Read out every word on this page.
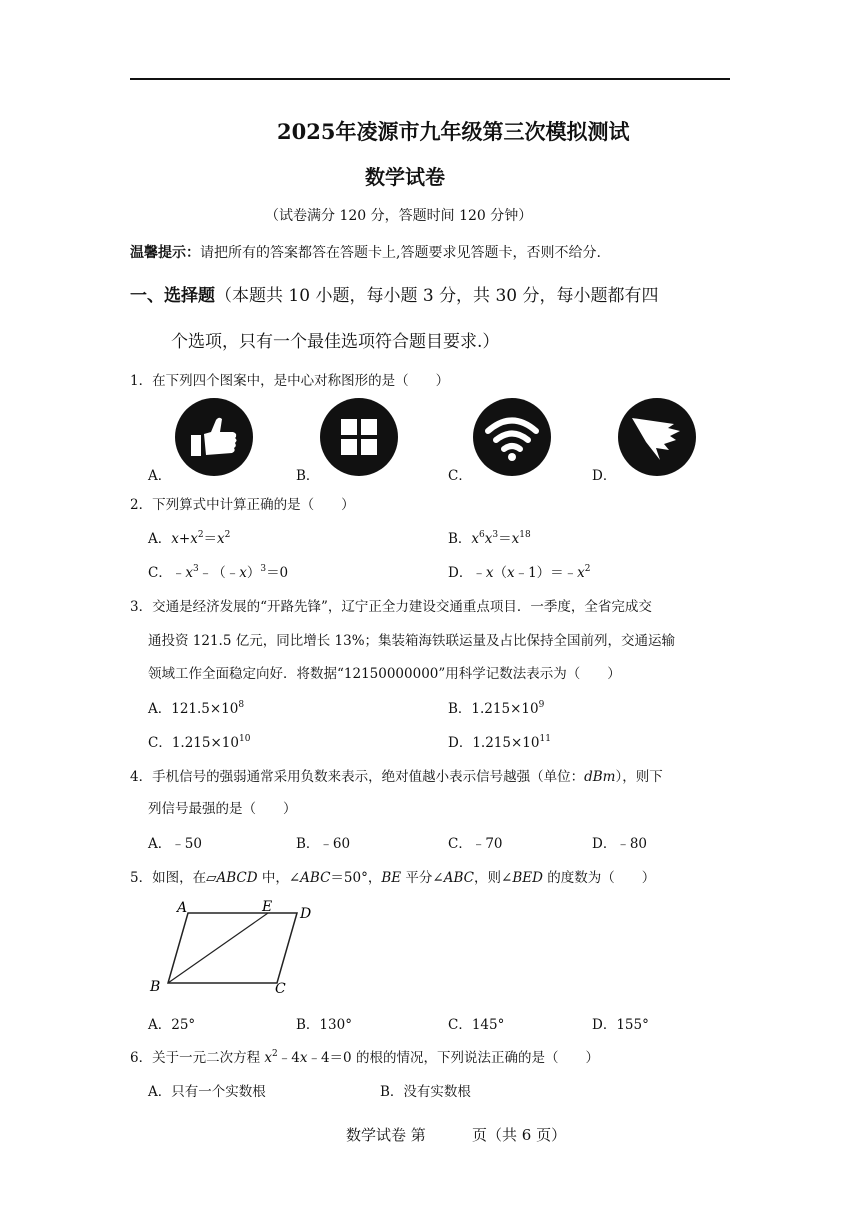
2025年凌源市九年级第三次模拟测试
数学试卷
（试卷满分 120 分，答题时间 120 分钟）
温馨提示：请把所有的答案都答在答题卡上,答题要求见答题卡，否则不给分.
一、选择题（本题共 10 小题，每小题 3 分，共 30 分，每小题都有四
个选项，只有一个最佳选项符合题目要求.）
1．在下列四个图案中，是中心对称图形的是（　　）
A．	B．	C．	D．
2．下列算式中计算正确的是（　　）
A．$x+x^2=x^2$	B．$x^6x^3=x^{18}$
C．$﹣x^3﹣(﹣x)^3=0$	D．$﹣x(x﹣1)=﹣x^2$
3．交通是经济发展的“开路先锋”，辽宁正全力建设交通重点项目．一季度，全省完成交
通投资 121.5 亿元，同比增长 13%；集装箱海铁联运量及占比保持全国前列，交通运输
领域工作全面稳定向好．将数据“12150000000”用科学记数法表示为（　　）
A．$121.5\times 10^8$	B．$1.215\times 10^9$
C．$1.215\times 10^{10}$	D．$1.215\times 10^{11}$
4．手机信号的强弱通常采用负数来表示，绝对值越小表示信号越强（单位：dBm），则下
列信号最强的是（　　）
A．﹣50	B．﹣60	C．﹣70	D．﹣80
5．如图，在▱ABCD 中，∠ABC＝50°，BE 平分∠ABC，则∠BED 的度数为（　　）
A	E D
B	C
A．25°	B．130°	C．145°	D．155°
6．关于一元二次方程 $x^2﹣4x﹣4=0$ 的根的情况，下列说法正确的是（　　）
A．只有一个实数根	B．没有实数根
数学试卷 第	页（共 6 页）
